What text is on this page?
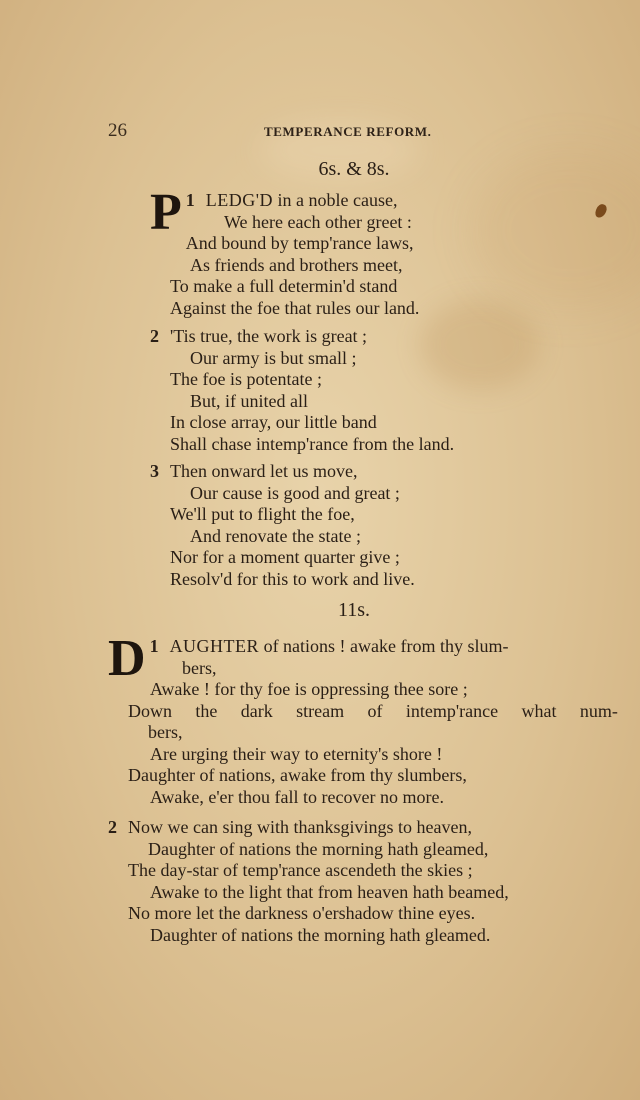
26	TEMPERANCE REFORM.
6s. & 8s.

1
P LEDG'D in a noble cause,

We here each other greet :

And bound by temp'rance laws,

As friends and brothers meet,

To make a full determin'd stand

Against the foe that rules our land.

2 'Tis true, the work is great ;

Our army is but small ;

The foe is potentate ;

But, if united all

In close array, our little band

Shall chase intemp'rance from the land.

3 Then onward let us move,

Our cause is good and great ;

We'll put to flight the foe,

And renovate the state ;

Nor for a moment quarter give ;

Resolv'd for this to work and live.

11s.

1
D AUGHTER of nations ! awake from thy slum-

bers,

Awake ! for thy foe is oppressing thee sore ;

Down the dark stream of intemp'rance what num-

bers,

Are urging their way to eternity's shore !

Daughter of nations, awake from thy slumbers,

Awake, e'er thou fall to recover no more.

2 Now we can sing with thanksgivings to heaven,

Daughter of nations the morning hath gleamed,

The day-star of temp'rance ascendeth the skies ;

Awake to the light that from heaven hath beamed,

No more let the darkness o'ershadow thine eyes.

Daughter of nations the morning hath gleamed.
